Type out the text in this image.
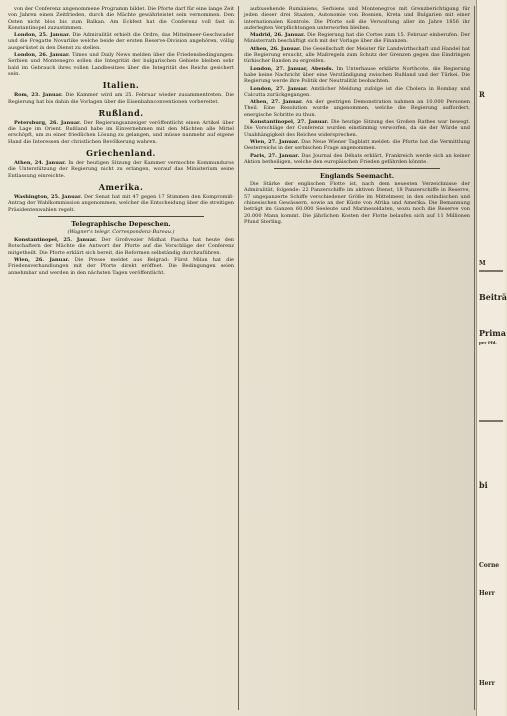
von der Conferenz angenommene Programm bildet. Die Pforte darf für eine lange Zeit von Jahren einen Zeitfrieden, durch die Mächte gewährleistet sein vernommen. Den Osten nicht blos bis zum Balkan. Am Eckfest hat die Conferenz voll fast in Konstantinopel zuzustimmen.

London, 25. Januar. Die Admiralität erhielt die Ordre, das Mittelmeer-Geschwader und die Fregatte Novarlike welche beide der ersten Reserve-Division angehören, völlig ausgerüstet in den Dienst zu stellen.

London, 26. Januar. Times und Daily News melden über die Friedensbedingungen: Serbien und Montenegro sollen die Integrität der bulgarischen Gebiete bleiben sehr bald im Gebrauch ihres vollen Landbesitzes über die Integrität des Reichs gesichert sein.

Italien.

Rom, 23. Januar. Die Kammer wird am 25. Februar wieder zusammentreten. Die Regierung hat bis dahin die Vorlagen über die Eisenbahnconventionen vorbereitet.

Rußland.

Petersburg, 26. Januar. Der Regierungsanzeiger veröffentlicht einen Artikel über die Lage im Orient. Rußland habe im Einvernehmen mit den Mächten alle Mittel erschöpft, um zu einer friedlichen Lösung zu gelangen, und müsse nunmehr auf eigene Hand die Interessen der christlichen Bevölkerung wahren.

Griechenland.

Athen, 24. Januar. In der heutigen Sitzung der Kammer vermochte Kommunduros die Unterstützung der Regierung nicht zu erlangen, worauf das Ministerium seine Entlassung einreichte.

Amerika.

Washington, 25. Januar. Der Senat hat mit 47 gegen 17 Stimmen den Kompromiß-Antrag der Wahlkommission angenommen, welcher die Entscheidung über die streitigen Präsidentenwahlen regelt.

Telegraphische Depeschen.
(Wagner's telegr. Correspondenz-Bureau.)

Konstantinopel, 25. Januar. Der Großvezier Midhat Pascha hat heute den Botschaftern der Mächte die Antwort der Pforte auf die Vorschläge der Conferenz mitgetheilt. Die Pforte erklärt sich bereit, die Reformen selbständig durchzuführen.

Wien, 26. Januar. Die Presse meldet aus Belgrad: Fürst Milan hat die Friedensverhandlungen mit der Pforte direkt eröffnet. Die Bedingungen seien annehmbar und werden in den nächsten Tagen veröffentlicht.

aufzusehende Rumäniens, Serbiens und Montenegros mit Grenzberichtigung für jeden dieser drei Staaten, Autonomie von Bosnien, Kreta und Bulgarien mit einer internationalen Kontrole. Die Pforte soll die Verwaltung aller im Jahre 1856 ihr auferlegten Verpflichtungen unterworfen bleiben.

Madrid, 26. Januar. Die Regierung hat die Cortes zum 15. Februar einberufen. Der Ministerrath beschäftigt sich mit der Vorlage über die Finanzen.

Athen, 26. Januar. Die Gesellschaft der Meister für Landwirthschaft und Handel hat die Regierung ersucht, alle Maßregeln zum Schutz der Grenzen gegen das Eindringen türkischer Banden zu ergreifen.

London, 27. Januar, Abends. Im Unterhause erklärte Northcote, die Regierung habe keine Nachricht über eine Verständigung zwischen Rußland und der Türkei. Die Regierung werde ihre Politik der Neutralität beobachten.

London, 27. Januar. Amtlicher Meldung zufolge ist die Cholera in Bombay und Calcutta zurückgegangen.

Athen, 27. Januar. An der gestrigen Demonstration nahmen an 10.000 Personen Theil. Eine Resolution wurde angenommen, welche die Regierung auffordert, energische Schritte zu thun.

Konstantinopel, 27. Januar. Die heutige Sitzung des Großen Rathes war bewegt. Die Vorschläge der Conferenz wurden einstimmig verworfen, da sie der Würde und Unabhängigkeit des Reiches widersprechen.

Wien, 27. Januar. Das Neue Wiener Tagblatt meldet: die Pforte hat die Vermittlung Oesterreichs in der serbischen Frage angenommen.

Paris, 27. Januar. Das Journal des Débats erklärt, Frankreich werde sich an keiner Aktion betheiligen, welche den europäischen Frieden gefährden könnte.

Englands Seemacht.

Die Stärke der englischen Flotte ist, nach dem neuesten Verzeichnisse der Admiralität, folgende: 22 Panzerschiffe im aktiven Dienst, 18 Panzerschiffe in Reserve, 57 ungepanzerte Schiffe verschiedener Größe im Mittelmeer, in den ostindischen und chinesischen Gewässern, sowie an der Küste von Afrika und Amerika. Die Bemannung beträgt im Ganzen 60.000 Seeleute und Marinesoldaten, wozu noch die Reserve von 20.000 Mann kommt. Die jährlichen Kosten der Flotte belaufen sich auf 11 Millionen Pfund Sterling.

R
M
Beiträ
Prima
per Pfd.
bi
Corne
Herr
Herr
